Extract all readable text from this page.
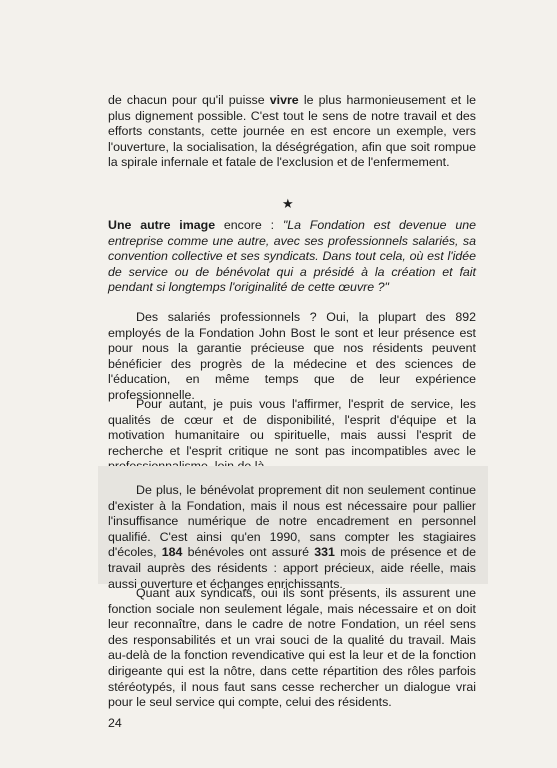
de chacun pour qu'il puisse vivre le plus harmonieusement et le plus dignement possible. C'est tout le sens de notre travail et des efforts constants, cette journée en est encore un exemple, vers l'ouverture, la socialisation, la déségrégation, afin que soit rompue la spirale infernale et fatale de l'exclusion et de l'enfermement.

★

Une autre image encore : "La Fondation est devenue une entreprise comme une autre, avec ses professionnels salariés, sa convention collective et ses syndicats. Dans tout cela, où est l'idée de service ou de bénévolat qui a présidé à la création et fait pendant si longtemps l'originalité de cette œuvre ?"

Des salariés professionnels ? Oui, la plupart des 892 employés de la Fondation John Bost le sont et leur présence est pour nous la garantie précieuse que nos résidents peuvent bénéficier des progrès de la médecine et des sciences de l'éducation, en même temps que de leur expérience professionnelle.

Pour autant, je puis vous l'affirmer, l'esprit de service, les qualités de cœur et de disponibilité, l'esprit d'équipe et la motivation humanitaire ou spirituelle, mais aussi l'esprit de recherche et l'esprit critique ne sont pas incompatibles avec le

De plus, le bénévolat proprement dit non seulement continue d'exister à la Fondation, mais il nous est nécessaire pour pallier l'insuffisance numérique de notre encadrement en personnel qualifié. C'est ainsi qu'en 1990, sans compter les stagiaires d'écoles, 184 bénévoles ont assuré 331 mois de présence et de travail auprès des résidents : apport précieux, aide réelle, mais aussi ouverture et échanges enrichissants.

Quant aux syndicats, oui ils sont présents, ils assurent une fonction sociale non seulement légale, mais nécessaire et on doit leur reconnaître, dans le cadre de notre Fondation, un réel sens des responsabilités et un vrai souci de la qualité du travail. Mais au-delà de la fonction revendicative qui est la leur et de la fonction dirigeante qui est la nôtre, dans cette répartition des rôles parfois stéréotypés, il nous faut sans cesse rechercher un dialogue vrai pour le seul service qui compte, celui des résidents.

24
